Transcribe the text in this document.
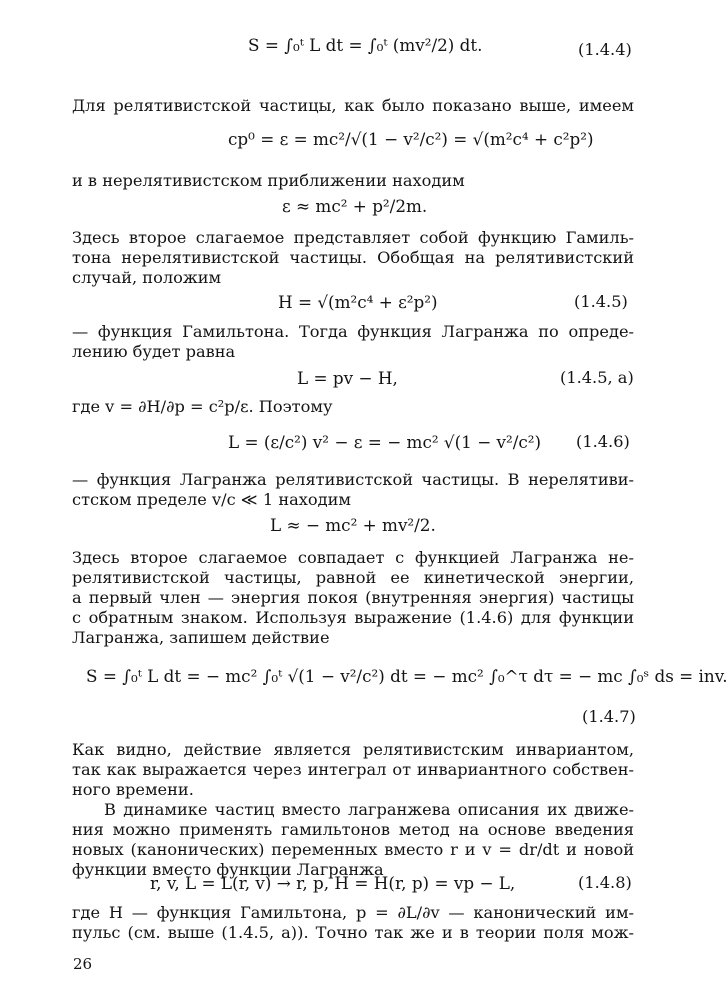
S = ∫₀ᵗ L dt = ∫₀ᵗ (mv²/2) dt.	(1.4.4)
Для релятивистской частицы, как было показано выше, имеем
cp⁰ = ε = mc²/√(1 − v²/c²) = √(m²c⁴ + c²p²)
и в нерелятивистском приближении находим
ε ≈ mc² + p²/2m.
Здесь второе слагаемое представляет собой функцию Гамиль-
тона нерелятивистской частицы. Обобщая на релятивистский
случай, положим
H = √(m²c⁴ + ε²p²)	(1.4.5)
— функция Гамильтона. Тогда функция Лагранжа по опреде-
лению будет равна
L = pv − H,	(1.4.5, а)
где v = ∂H/∂p = c²p/ε. Поэтому
L = (ε/c²) v² − ε = − mc² √(1 − v²/c²) (1.4.6)
— функция Лагранжа релятивистской частицы. В нерелятиви-
стском пределе v/c ≪ 1 находим
L ≈ − mc² + mv²/2.
Здесь второе слагаемое совпадает с функцией Лагранжа не-
релятивистской частицы, равной ее кинетической энергии,
а первый член — энергия покоя (внутренняя энергия) частицы
с обратным знаком. Используя выражение (1.4.6) для функции
Лагранжа, запишем действие
S = ∫₀ᵗ L dt = − mc² ∫₀ᵗ √(1 − v²/c²) dt = − mc² ∫₀^τ dτ = − mc ∫₀ˢ ds = inv.
(1.4.7)
Как видно, действие является релятивистским инвариантом,
так как выражается через интеграл от инвариантного собствен-
ного времени.
В динамике частиц вместо лагранжева описания их движе-
ния можно применять гамильтонов метод на основе введения
новых (канонических) переменных вместо r и v = dr/dt и новой
функции вместо функции Лагранжа
r, v, L = L(r, v) → r, p, H = H(r, p) = vp − L,	(1.4.8)
где H — функция Гамильтона, p = ∂L/∂v — канонический им-
пульс (см. выше (1.4.5, а)). Точно так же и в теории поля мож-
26
